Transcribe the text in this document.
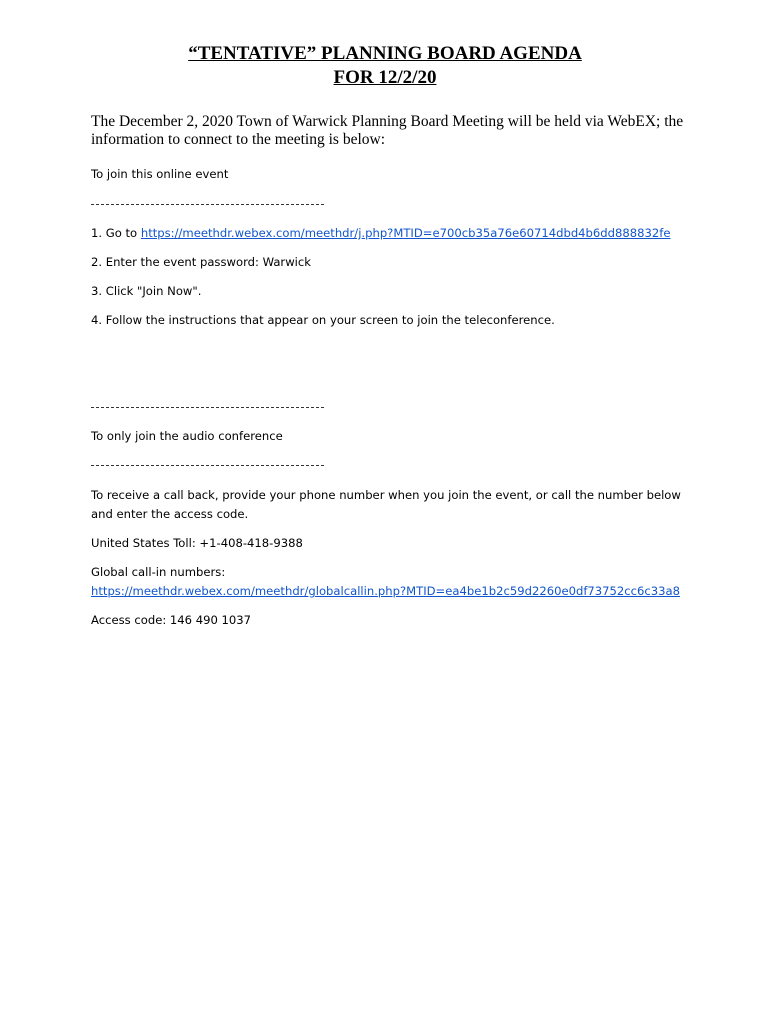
“TENTATIVE” PLANNING BOARD AGENDA
FOR 12/2/20
The December 2, 2020 Town of Warwick Planning Board Meeting will be held via WebEX; the
information to connect to the meeting is below:
To join this online event
1. Go to https://meethdr.webex.com/meethdr/j.php?MTID=e700cb35a76e60714dbd4b6dd888832fe
2. Enter the event password: Warwick
3. Click "Join Now".
4. Follow the instructions that appear on your screen to join the teleconference.
To only join the audio conference
To receive a call back, provide your phone number when you join the event, or call the number below
and enter the access code.
United States Toll: +1-408-418-9388
Global call-in numbers:
https://meethdr.webex.com/meethdr/globalcallin.php?MTID=ea4be1b2c59d2260e0df73752cc6c33a8
Access code: 146 490 1037
